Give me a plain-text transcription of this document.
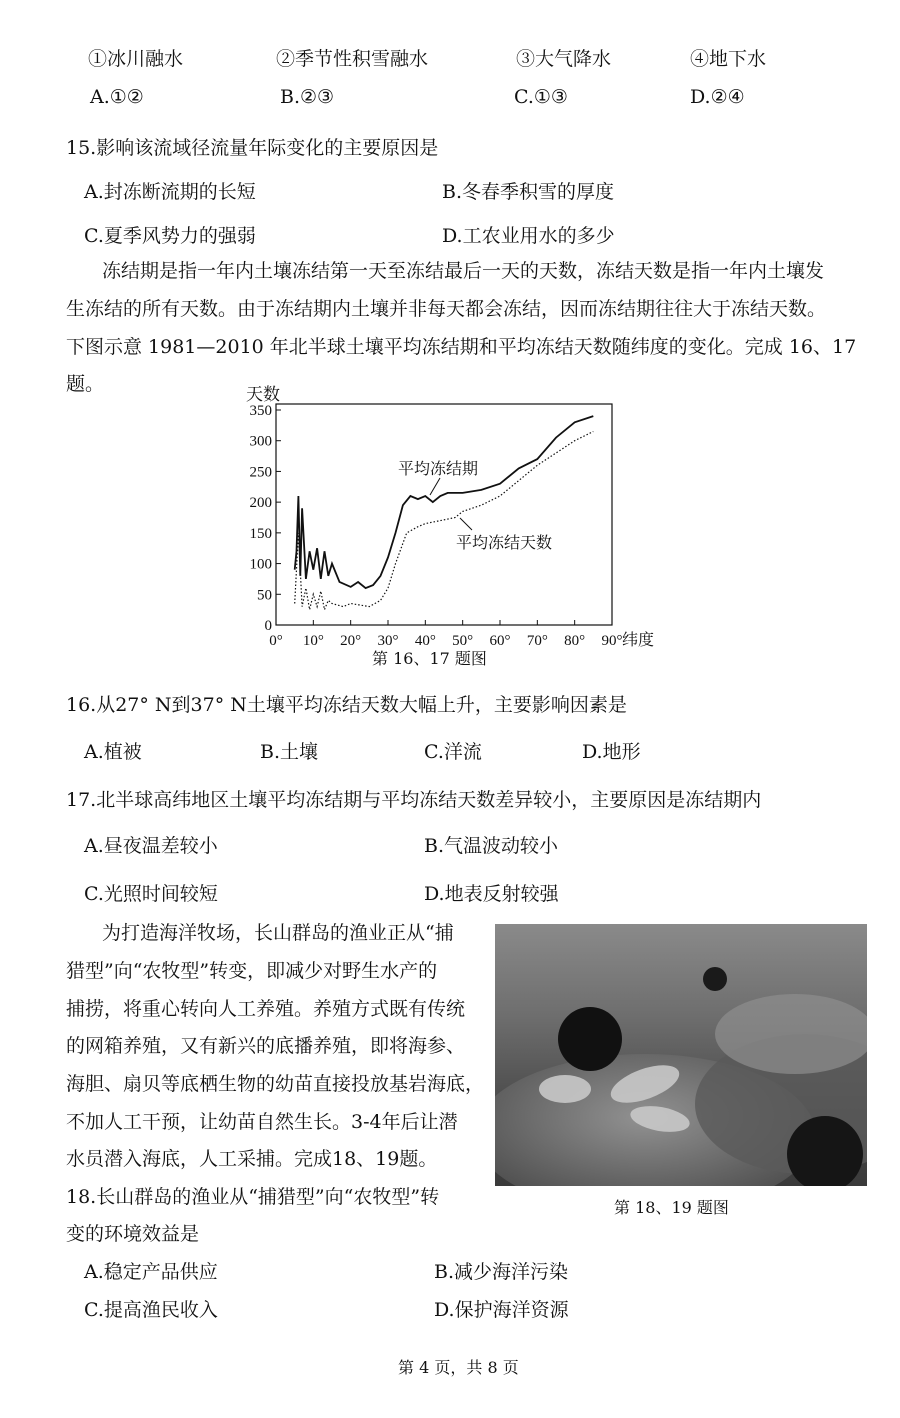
①冰川融水	②季节性积雪融水	③大气降水	④地下水
A.①②	B.②③	C.①③	D.②④
15.影响该流域径流量年际变化的主要原因是
A.封冻断流期的长短	B.冬春季积雪的厚度
C.夏季风势力的强弱	D.工农业用水的多少
冻结期是指一年内土壤冻结第一天至冻结最后一天的天数，冻结天数是指一年内土壤发
生冻结的所有天数。由于冻结期内土壤并非每天都会冻结，因而冻结期往往大于冻结天数。
下图示意 1981—2010 年北半球土壤平均冻结期和平均冻结天数随纬度的变化。完成 16、17
题。
350
300
250
200
150
100
50
0
0° 10° 20° 30° 40° 50° 60° 70° 80° 90°
天数
纬度
平均冻结期
平均冻结天数
第 16、17 题图
16.从27° N到37° N土壤平均冻结天数大幅上升，主要影响因素是
A.植被	B.土壤	C.洋流	D.地形
17.北半球高纬地区土壤平均冻结期与平均冻结天数差异较小，主要原因是冻结期内
A.昼夜温差较小	B.气温波动较小
C.光照时间较短	D.地表反射较强
为打造海洋牧场，长山群岛的渔业正从“捕
猎型”向“农牧型”转变，即减少对野生水产的
捕捞，将重心转向人工养殖。养殖方式既有传统
的网箱养殖，又有新兴的底播养殖，即将海参、
海胆、扇贝等底栖生物的幼苗直接投放基岩海底，
不加人工干预，让幼苗自然生长。3-4年后让潜
水员潜入海底，人工采捕。完成18、19题。
第 18、19 题图
18.长山群岛的渔业从“捕猎型”向“农牧型”转
变的环境效益是
A.稳定产品供应	B.减少海洋污染
C.提高渔民收入	D.保护海洋资源
第 4 页，共 8 页
